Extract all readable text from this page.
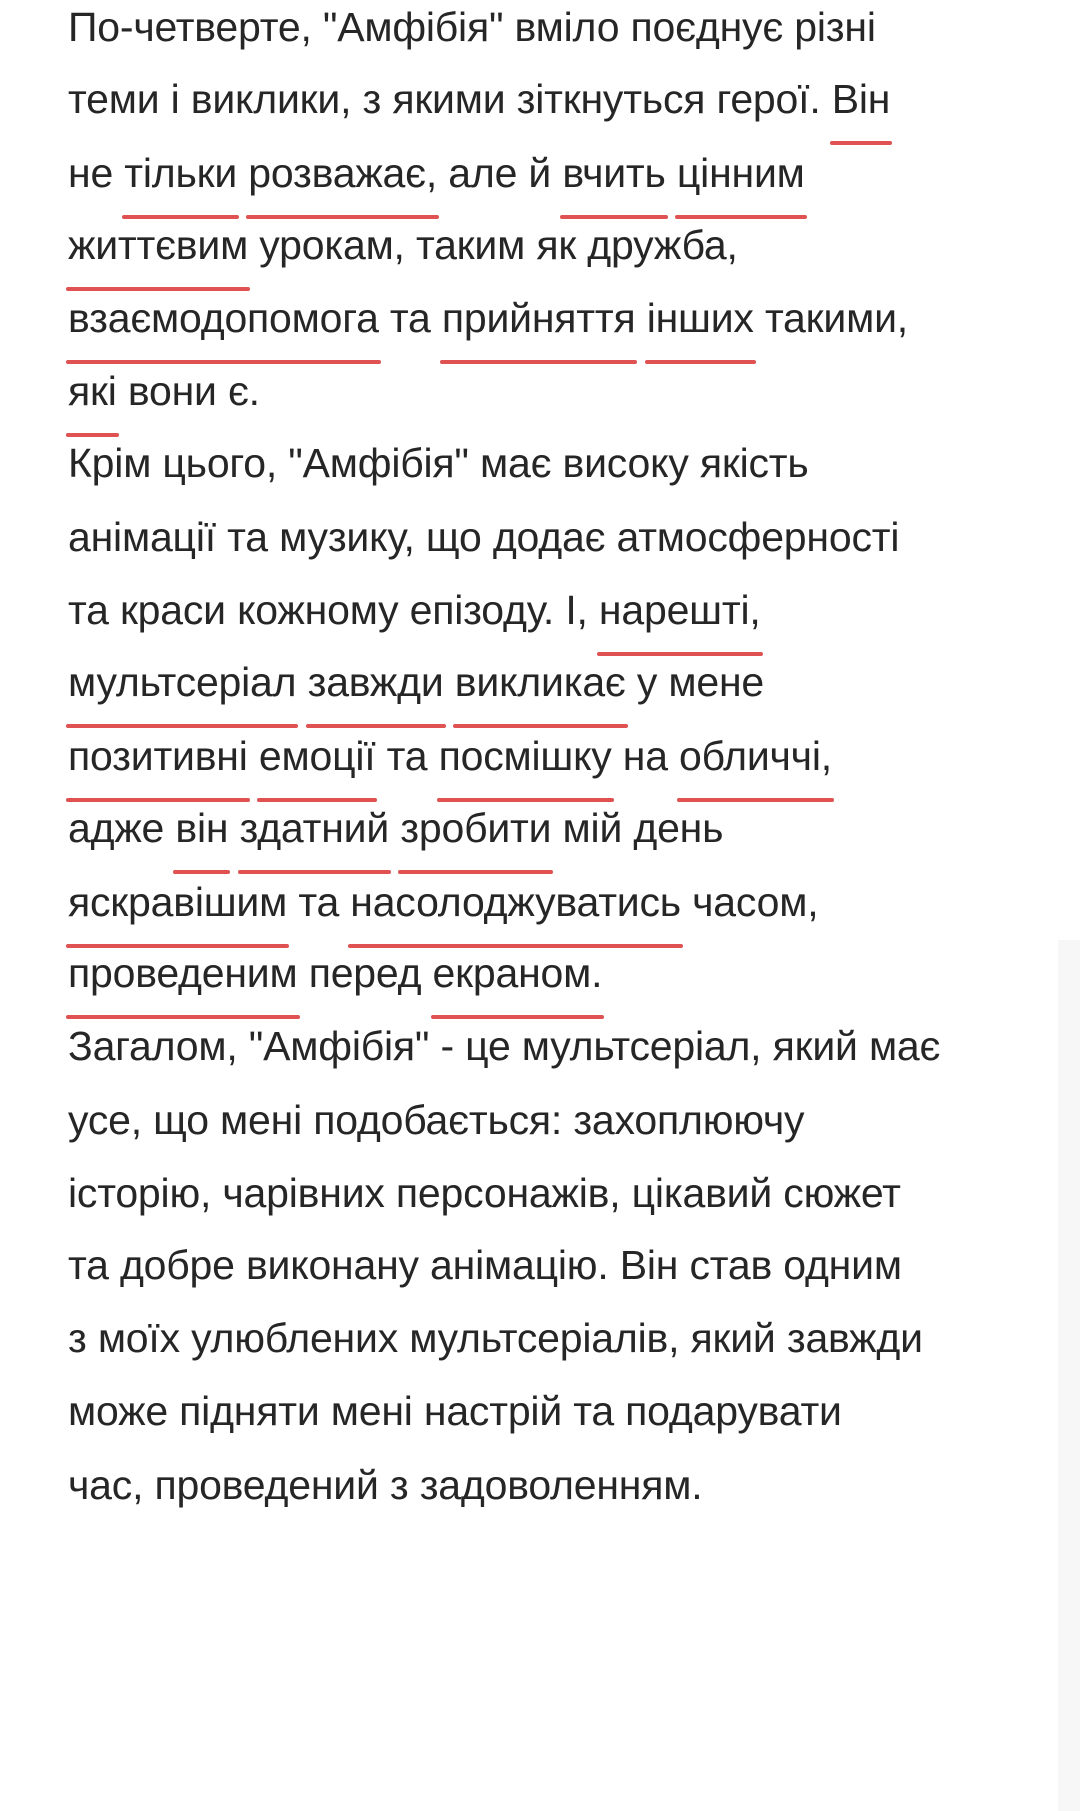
По-четверте, "Амфібія" вміло поєднує різні

теми і виклики, з якими зіткнуться герої. Він

не тільки розважає, але й вчить цінним

життєвим урокам, таким як дружба,

взаємодопомога та прийняття інших такими,

які вони є.

Крім цього, "Амфібія" має високу якість

анімації та музику, що додає атмосферності

та краси кожному епізоду. І, нарешті,

мультсеріал завжди викликає у мене

позитивні емоції та посмішку на обличчі,

адже він здатний зробити мій день

яскравішим та насолоджуватись часом,

проведеним перед екраном.

Загалом, "Амфібія" - це мультсеріал, який має

усе, що мені подобається: захоплюючу

історію, чарівних персонажів, цікавий сюжет

та добре виконану анімацію. Він став одним

з моїх улюблених мультсеріалів, який завжди

може підняти мені настрій та подарувати

час, проведений з задоволенням.
